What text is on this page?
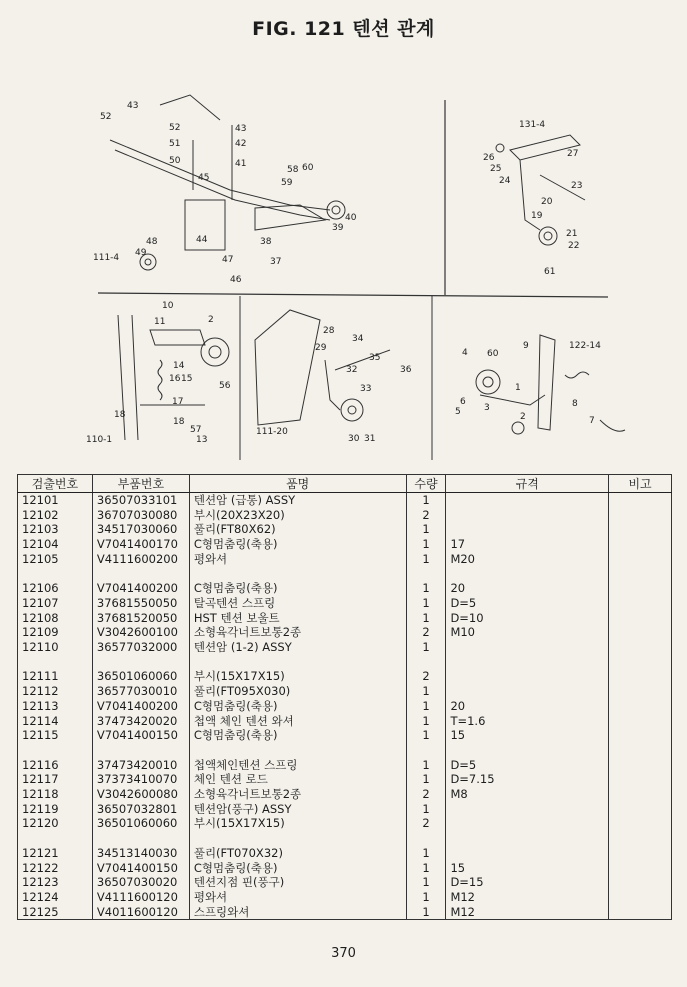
FIG. 121 텐션 관계
52
43
52
51
50
45
43
42
41
58 60
59
48
49
111-4
44
47
46
38
37
39
40
131-4
26
25
24
27
23
20
19
21
22
61
10
11	2
14
15
16
56
17
18
57
13
18
110-1
28
29
34
35
36
32
33
111-20
30 31
60
4
9	122-14
1
3
6
5	2
8
7
검출번호	부품번호	품명	수량	규격	비고
12101	36507033101	텐션암 (급통) ASSY	1		
12102	36707030080	부시(20X23X20)	2		
12103	34517030060	풀리(FT80X62)	1		
12104	V7041400170	C형멈춤링(축용)	1	17	
12105	V4111600200	평와셔	1	M20	

12106	V7041400200	C형멈춤링(축용)	1	20	
12107	37681550050	탈곡텐션 스프링	1	D=5	
12108	37681520050	HST 텐션 보울트	1	D=10	
12109	V3042600100	소형육각너트보통2종	2	M10	
12110	36577032000	텐션암 (1-2) ASSY	1		

12111	36501060060	부시(15X17X15)	2		
12112	36577030010	풀리(FT095X030)	1		
12113	V7041400200	C형멈춤링(축용)	1	20	
12114	37473420020	첩액 체인 텐션 와셔	1	T=1.6	
12115	V7041400150	C형멈춤링(축용)	1	15	

12116	37473420010	첩액체인텐션 스프링	1	D=5	
12117	37373410070	체인 텐션 로드	1	D=7.15	
12118	V3042600080	소형육각너트보통2종	2	M8	
12119	36507032801	텐션암(풍구) ASSY	1		
12120	36501060060	부시(15X17X15)	2		

12121	34513140030	풀리(FT070X32)	1		
12122	V7041400150	C형멈춤링(축용)	1	15	
12123	36507030020	텐션지점 핀(풍구)	1	D=15	
12124	V4111600120	평와셔	1	M12	
12125	V4011600120	스프링와셔	1	M12	
370
